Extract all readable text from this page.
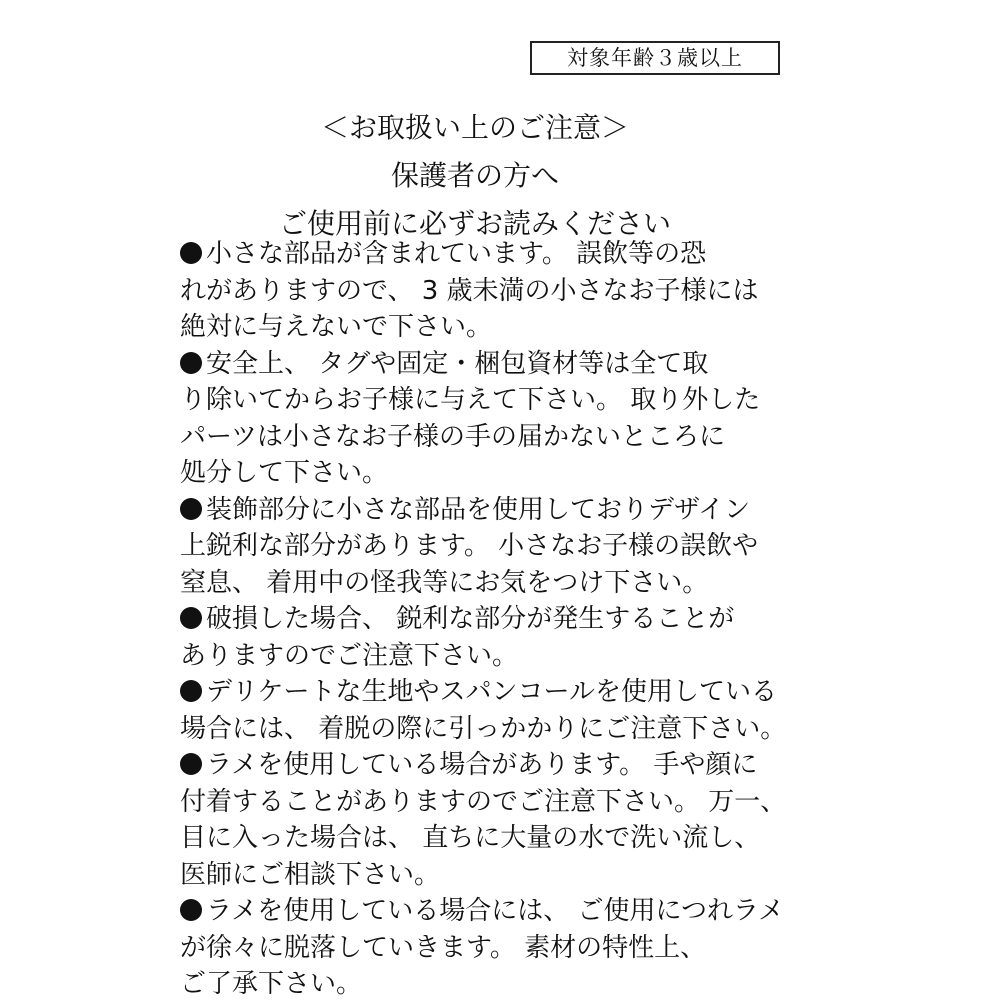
対象年齢３歳以上
＜お取扱い上のご注意＞
保護者の方へ
ご使用前に必ずお読みください
小さな部品が含まれています。 誤飲等の恐
れがありますので、 3 歳未満の小さなお子様には
絶対に与えないで下さい。
安全上、 タグや固定・梱包資材等は全て取
り除いてからお子様に与えて下さい。 取り外した
パーツは小さなお子様の手の届かないところに
処分して下さい。
装飾部分に小さな部品を使用しておりデザイン
上鋭利な部分があります。 小さなお子様の誤飲や
窒息、 着用中の怪我等にお気をつけ下さい。
破損した場合、 鋭利な部分が発生することが
ありますのでご注意下さい。
デリケートな生地やスパンコールを使用している
場合には、 着脱の際に引っかかりにご注意下さい。
ラメを使用している場合があります。 手や顔に
付着することがありますのでご注意下さい。 万一、
目に入った場合は、 直ちに大量の水で洗い流し、
医師にご相談下さい。
ラメを使用している場合には、 ご使用につれラメ
が徐々に脱落していきます。 素材の特性上、
ご了承下さい。
